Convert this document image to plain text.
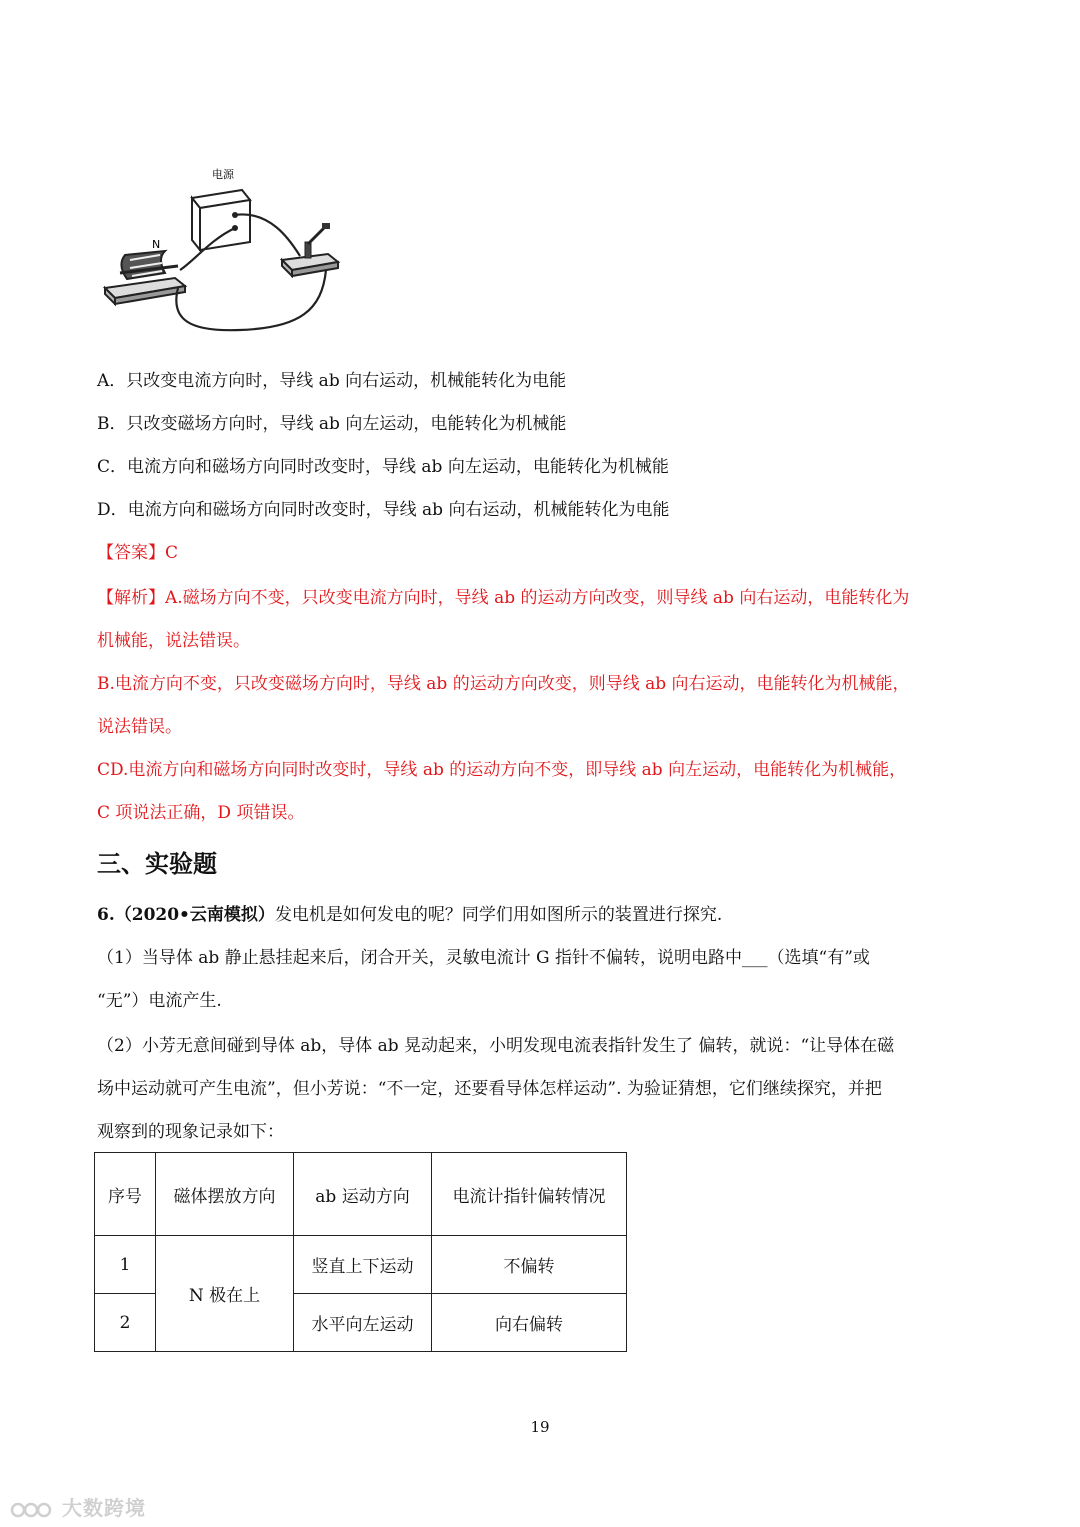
电源
N
A．只改变电流方向时，导线 ab 向右运动，机械能转化为电能
B．只改变磁场方向时，导线 ab 向左运动，电能转化为机械能
C．电流方向和磁场方向同时改变时，导线 ab 向左运动，电能转化为机械能
D．电流方向和磁场方向同时改变时，导线 ab 向右运动，机械能转化为电能
【答案】C
【解析】A.磁场方向不变，只改变电流方向时，导线 ab 的运动方向改变，则导线 ab 向右运动，电能转化为
机械能，说法错误。
B.电流方向不变，只改变磁场方向时，导线 ab 的运动方向改变，则导线 ab 向右运动，电能转化为机械能，
说法错误。
CD.电流方向和磁场方向同时改变时，导线 ab 的运动方向不变，即导线 ab 向左运动，电能转化为机械能，
C 项说法正确，D 项错误。
三、实验题
6.（2020•云南模拟）发电机是如何发电的呢？同学们用如图所示的装置进行探究.
（1）当导体 ab 静止悬挂起来后，闭合开关，灵敏电流计 G 指针不偏转，说明电路中___（选填“有”或
“无”）电流产生.
（2）小芳无意间碰到导体 ab，导体 ab 晃动起来，小明发现电流表指针发生了 偏转，就说：“让导体在磁
场中运动就可产生电流”，但小芳说：“不一定，还要看导体怎样运动”. 为验证猜想，它们继续探究，并把
观察到的现象记录如下：
序号	磁体摆放方向	ab 运动方向	电流计指针偏转情况
1	N 极在上	竖直上下运动	不偏转
2		水平向左运动	向右偏转
19
大数跨境
